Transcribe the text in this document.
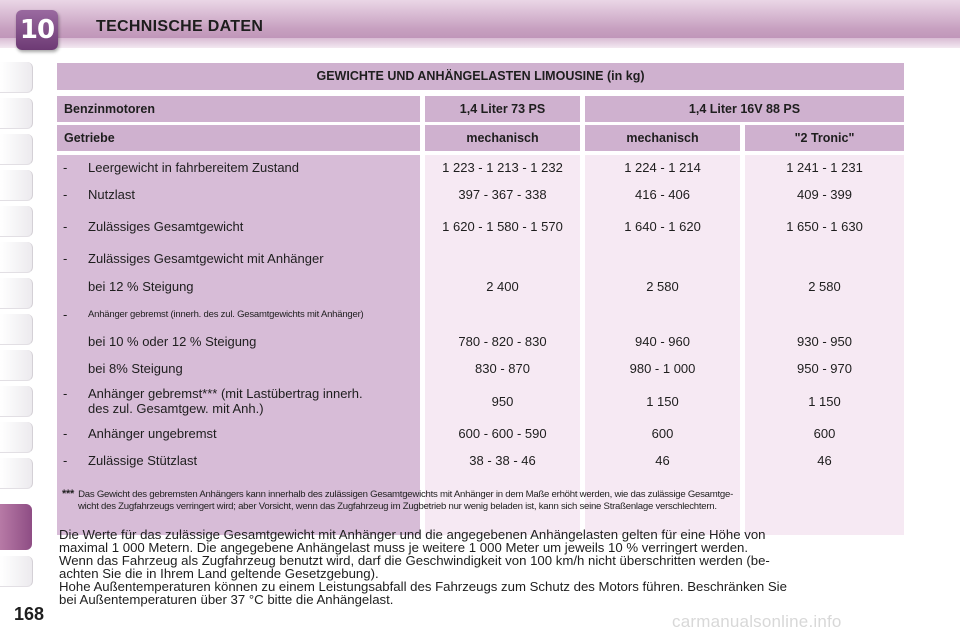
10	TECHNISCHE DATEN
GEWICHTE UND ANHÄNGELASTEN LIMOUSINE (in kg)
Benzinmotoren	1,4 Liter 73 PS	1,4 Liter 16V 88 PS
Getriebe	mechanisch	mechanisch	"2 Tronic"
- Leergewicht in fahrbereitem Zustand	1 223 - 1 213 - 1 232	1 224 - 1 214	1 241 - 1 231
- Nutzlast	397 - 367 - 338	416 - 406	409 - 399
- Zulässiges Gesamtgewicht	1 620 - 1 580 - 1 570	1 640 - 1 620	1 650 - 1 630
- Zulässiges Gesamtgewicht mit Anhänger
bei 12 % Steigung	2 400	2 580	2 580
- Anhänger gebremst (innerh. des zul. Gesamtgewichts mit Anhänger)
bei 10 % oder 12 % Steigung	780 - 820 - 830	940 - 960	930 - 950
bei 8% Steigung	830 - 870	980 - 1 000	950 - 970
- Anhänger gebremst*** (mit Lastübertrag innerh.
des zul. Gesamtgew. mit Anh.)	950	1 150	1 150
- Anhänger ungebremst	600 - 600 - 590	600	600
- Zulässige Stützlast	38 - 38 - 46	46	46
*** Das Gewicht des gebremsten Anhängers kann innerhalb des zulässigen Gesamtgewichts mit Anhänger in dem Maße erhöht werden, wie das zulässige Gesamtge-
wicht des Zugfahrzeugs verringert wird; aber Vorsicht, wenn das Zugfahrzeug im Zugbetrieb nur wenig beladen ist, kann sich seine Straßenlage verschlechtern.
Die Werte für das zulässige Gesamtgewicht mit Anhänger und die angegebenen Anhängelasten gelten für eine Höhe von
maximal 1 000 Metern. Die angegebene Anhängelast muss je weitere 1 000 Meter um jeweils 10 % verringert werden.
Wenn das Fahrzeug als Zugfahrzeug benutzt wird, darf die Geschwindigkeit von 100 km/h nicht überschritten werden (be-
achten Sie die in Ihrem Land geltende Gesetzgebung).
Hohe Außentemperaturen können zu einem Leistungsabfall des Fahrzeugs zum Schutz des Motors führen. Beschränken Sie
bei Außentemperaturen über 37 °C bitte die Anhängelast.
168	carmanualsonline.info
